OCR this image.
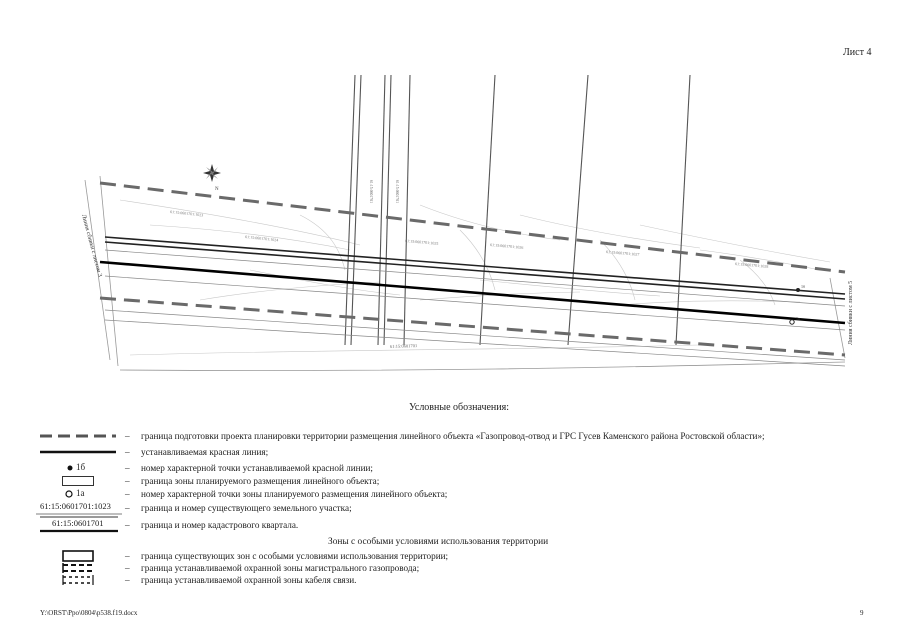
Лист 4
N
1б
1а
61:15:0601701:1023
61:15:0601701:1024	61:15:0601701:1025
61:15:0601701:1026
61:15:0601701:1027
61:15:0601701:1028
61:15:0601701
61:15:0601701	61:15:0601701
Линия сбивки с листом 3
Линия сбивки с листом 5
Условные обозначения:
– граница подготовки проекта планировки территории размещения линейного объекта «Газопровод-отвод и ГРС Гусев Каменского района Ростовской области»;
– устанавливаемая красная линия;
1б	– номер характерной точки устанавливаемой красной линии;
– граница зоны планируемого размещения линейного объекта;
1а	– номер характерной точки зоны планируемого размещения линейного объекта;
61:15:0601701:1023 – граница и номер существующего земельного участка;
61:15:0601701 – граница и номер кадастрового квартала.
Зоны с особыми условиями использования территории
– граница существующих зон с особыми условиями использования территории;
– граница устанавливаемой охранной зоны магистрального газопровода;
– граница устанавливаемой охранной зоны кабеля связи.
Y:\ORST\Ppo\0804\p538.f19.docx	9
